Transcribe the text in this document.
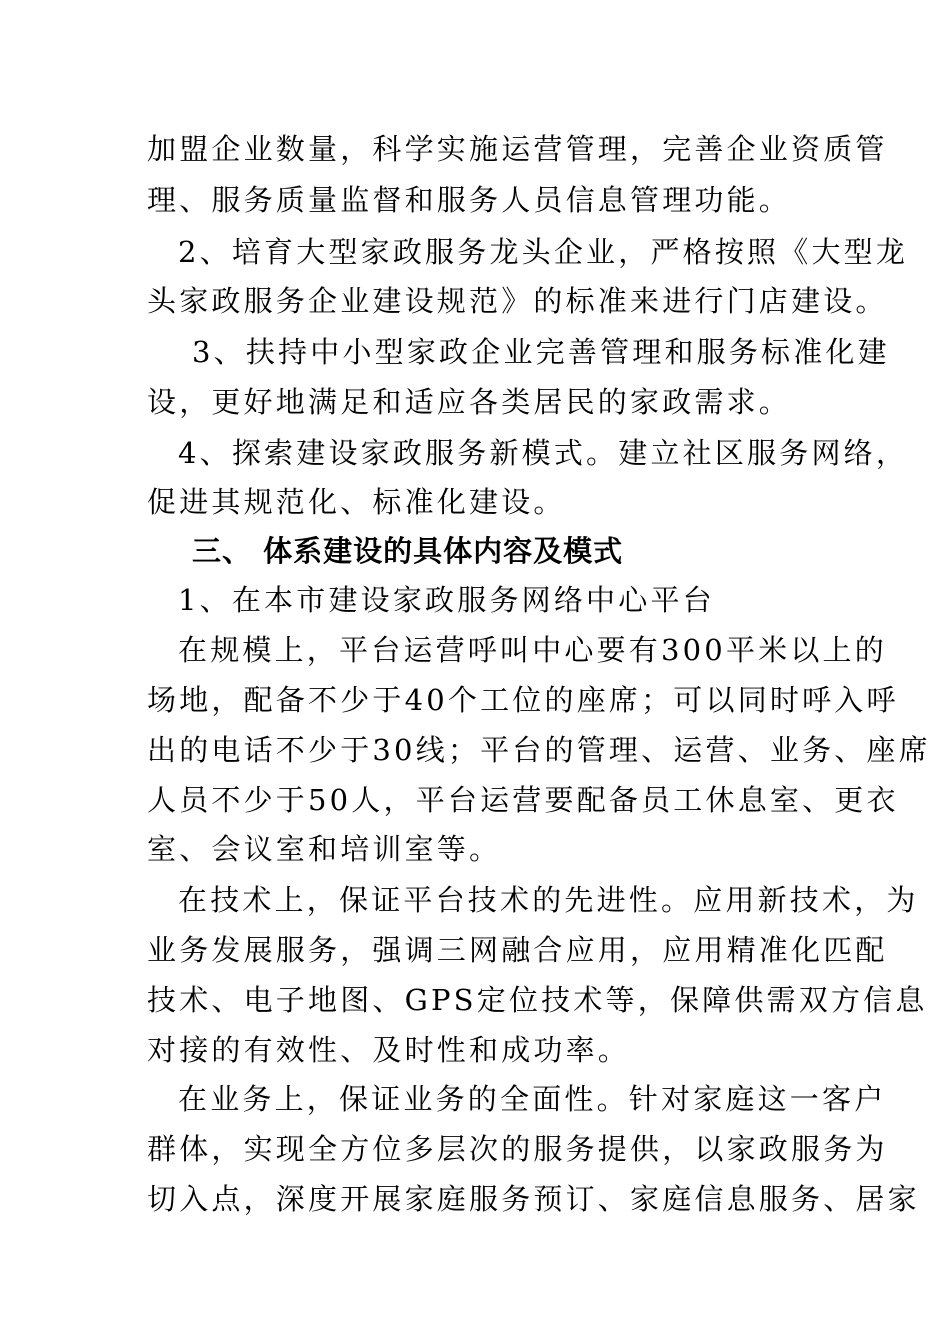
加盟企业数量，科学实施运营管理，完善企业资质管
理、服务质量监督和服务人员信息管理功能。
2、培育大型家政服务龙头企业，严格按照《大型龙
头家政服务企业建设规范》的标准来进行门店建设。
3、扶持中小型家政企业完善管理和服务标准化建
设，更好地满足和适应各类居民的家政需求。
4、探索建设家政服务新模式。建立社区服务网络，
促进其规范化、标准化建设。
三、 体系建设的具体内容及模式
1、在本市建设家政服务网络中心平台
在规模上，平台运营呼叫中心要有300平米以上的
场地，配备不少于40个工位的座席；可以同时呼入呼
出的电话不少于30线；平台的管理、运营、业务、座席
人员不少于50人，平台运营要配备员工休息室、更衣
室、会议室和培训室等。
在技术上，保证平台技术的先进性。应用新技术，为
业务发展服务，强调三网融合应用，应用精准化匹配
技术、电子地图、GPS定位技术等，保障供需双方信息
对接的有效性、及时性和成功率。
在业务上，保证业务的全面性。针对家庭这一客户
群体，实现全方位多层次的服务提供，以家政服务为
切入点，深度开展家庭服务预订、家庭信息服务、居家
